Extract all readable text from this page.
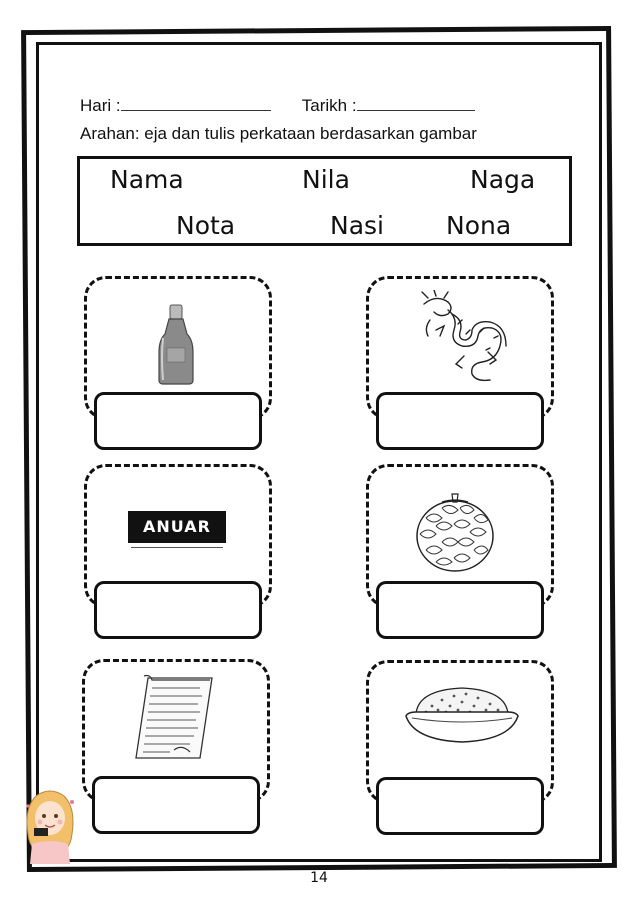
Hari :	Tarikh :
Arahan: eja dan tulis perkataan berdasarkan gambar
Nama	Nila	Naga
Nota	Nasi Nona
ANUAR
14
